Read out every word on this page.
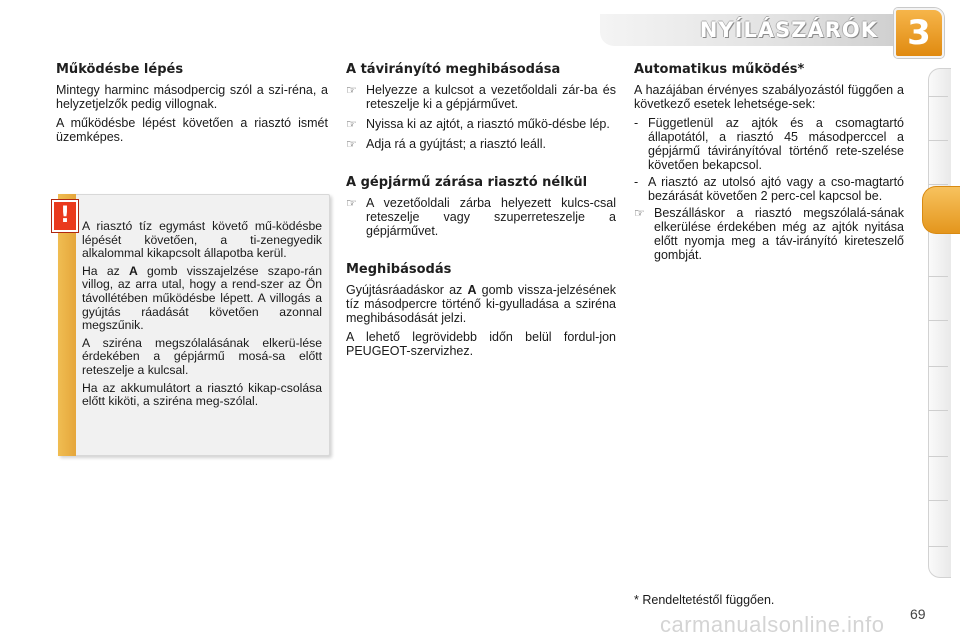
NYÍLÁSZÁRÓK 3
Működésbe lépés
Mintegy harminc másodpercig szól a szi-réna, a helyzetjelzők pedig villognak.
A működésbe lépést követően a riasztó ismét üzemképes.
! A riasztó tíz egymást követő mű-ködésbe lépését követően, a ti-zenegyedik alkalommal kikapcsolt állapotba kerül.
Ha az A gomb visszajelzése szapo-rán villog, az arra utal, hogy a rend-szer az Ön távollétében működésbe lépett. A villogás a gyújtás ráadását követően azonnal megszűnik.
A sziréna megszólalásának elkerü-lése érdekében a gépjármű mosá-sa előtt reteszelje a kulcsal.
Ha az akkumulátort a riasztó kikap-csolása előtt kiköti, a sziréna meg-szólal.
A távirányító meghibásodása
☞ Helyezze a kulcsot a vezetőoldali zár-ba és reteszelje ki a gépjárművet.
☞ Nyissa ki az ajtót, a riasztó műkö-désbe lép.
☞ Adja rá a gyújtást; a riasztó leáll.
A gépjármű zárása riasztó nélkül
☞ A vezetőoldali zárba helyezett kulcs-csal reteszelje vagy szuperreteszelje a gépjárművet.
Meghibásodás
Gyújtásráadáskor az A gomb vissza-jelzésének tíz másodpercre történő ki-gyulladása a sziréna meghibásodását jelzi.
A lehető legrövidebb időn belül fordul-jon PEUGEOT-szervizhez.
Automatikus működés*
A hazájában érvényes szabályozástól függően a következő esetek lehetsége-sek:
- Függetlenül az ajtók és a csomagtartó állapotától, a riasztó 45 másodperccel a gépjármű távirányítóval történő rete-szelése követően bekapcsol.
- A riasztó az utolsó ajtó vagy a cso-magtartó bezárását követően 2 perc-cel kapcsol be.
☞ Beszálláskor a riasztó megszólalá-sának elkerülése érdekében még az ajtók nyitása előtt nyomja meg a táv-irányító kireteszelő gombját.
* Rendeltetéstől függően.
carmanualsonline.info 69
